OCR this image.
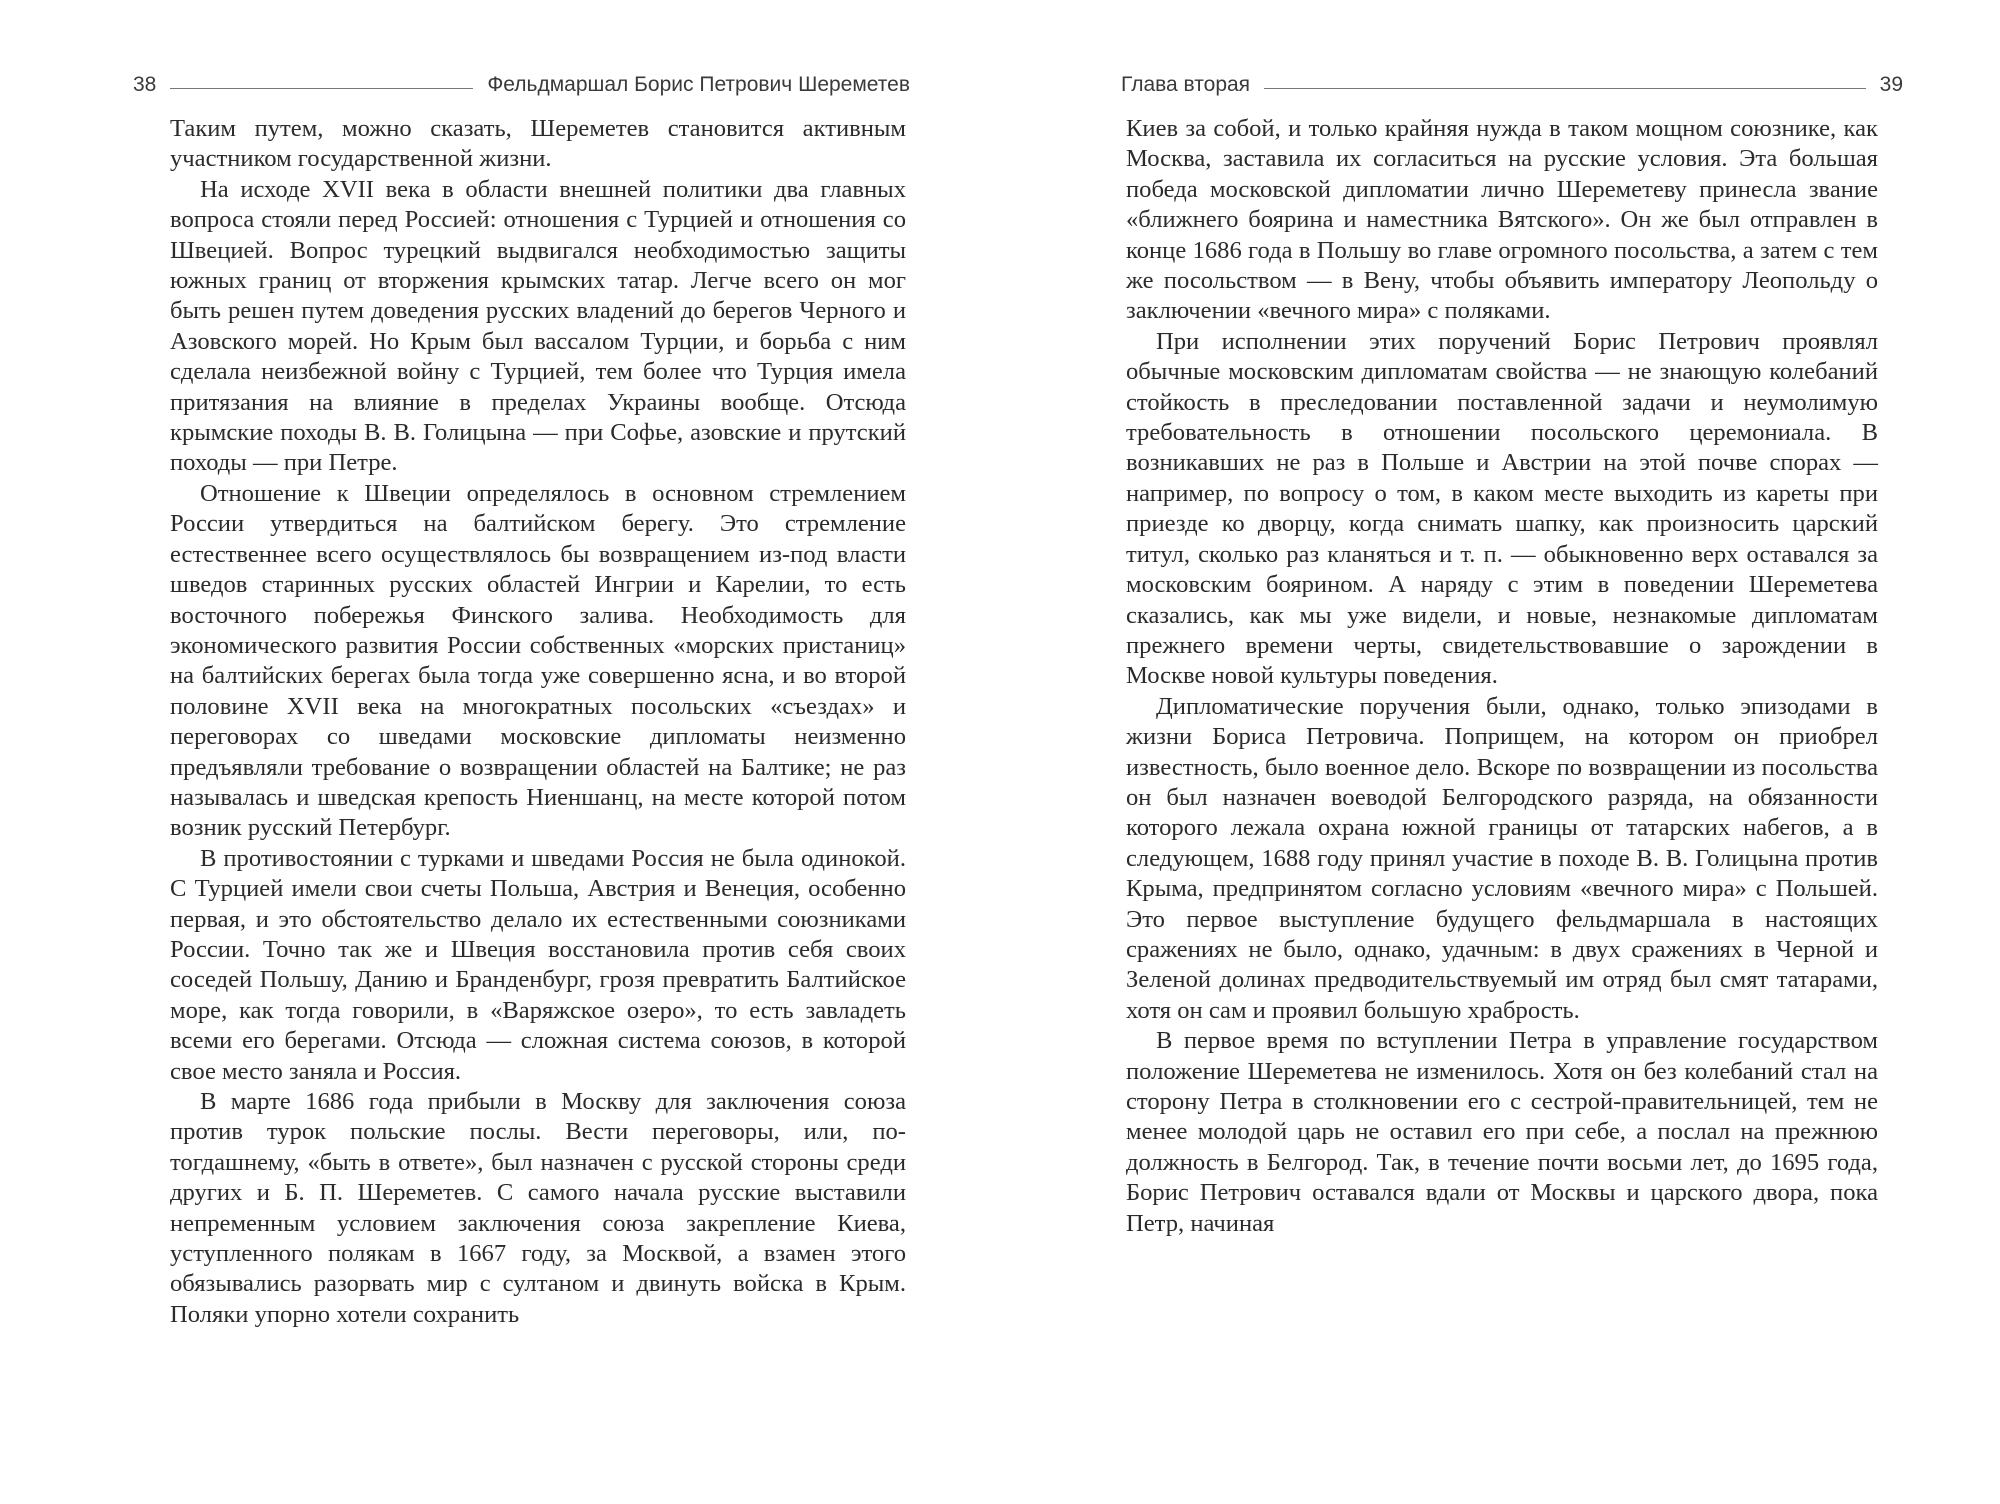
38	Фельдмаршал Борис Петрович Шереметев

Таким путем, можно сказать, Шереметев становится активным участником государственной жизни.

На исходе XVII века в области внешней политики два главных вопроса стояли перед Россией: отношения с Турцией и отношения со Швецией. Вопрос турецкий выдвигался необходимостью защиты южных границ от вторжения крымских татар. Легче всего он мог быть решен путем доведения русских владений до берегов Черного и Азовского морей. Но Крым был вассалом Турции, и борьба с ним сделала неизбежной войну с Турцией, тем более что Турция имела притязания на влияние в пределах Украины вообще. Отсюда крымские походы В. В. Голицына — при Софье, азовские и прутский походы — при Петре.

Отношение к Швеции определялось в основном стремлением России утвердиться на балтийском берегу. Это стремление естественнее всего осуществлялось бы возвращением из-под власти шведов старинных русских областей Ингрии и Карелии, то есть восточного побережья Финского залива. Необходимость для экономического развития России собственных «морских пристаниц» на балтийских берегах была тогда уже совершенно ясна, и во второй половине XVII века на многократных посольских «съездах» и переговорах со шведами московские дипломаты неизменно предъявляли требование о возвращении областей на Балтике; не раз называлась и шведская крепость Ниеншанц, на месте которой потом возник русский Петербург.

В противостоянии с турками и шведами Россия не была одинокой. С Турцией имели свои счеты Польша, Австрия и Венеция, особенно первая, и это обстоятельство делало их естественными союзниками России. Точно так же и Швеция восстановила против себя своих соседей Польшу, Данию и Бранденбург, грозя превратить Балтийское море, как тогда говорили, в «Варяжское озеро», то есть завладеть всеми его берегами. Отсюда — сложная система союзов, в которой свое место заняла и Россия.

В марте 1686 года прибыли в Москву для заключения союза против турок польские послы. Вести переговоры, или, по-тогдашнему, «быть в ответе», был назначен с русской стороны среди других и Б. П. Шереметев. С самого начала русские выставили непременным условием заключения союза закрепление Киева, уступленного полякам в 1667 году, за Москвой, а взамен этого обязывались разорвать мир с султаном и двинуть войска в Крым. Поляки упорно хотели сохранить

Глава вторая	39

Киев за собой, и только крайняя нужда в таком мощном союзнике, как Москва, заставила их согласиться на русские условия. Эта большая победа московской дипломатии лично Шереметеву принесла звание «ближнего боярина и наместника Вятского». Он же был отправлен в конце 1686 года в Польшу во главе огромного посольства, а затем с тем же посольством — в Вену, чтобы объявить императору Леопольду о заключении «вечного мира» с поляками.

При исполнении этих поручений Борис Петрович проявлял обычные московским дипломатам свойства — не знающую колебаний стойкость в преследовании поставленной задачи и неумолимую требовательность в отношении посольского церемониала. В возникавших не раз в Польше и Австрии на этой почве спорах — например, по вопросу о том, в каком месте выходить из кареты при приезде ко дворцу, когда снимать шапку, как произносить царский титул, сколько раз кланяться и т. п. — обыкновенно верх оставался за московским боярином. А наряду с этим в поведении Шереметева сказались, как мы уже видели, и новые, незнакомые дипломатам прежнего времени черты, свидетельствовавшие о зарождении в Москве новой культуры поведения.

Дипломатические поручения были, однако, только эпизодами в жизни Бориса Петровича. Поприщем, на котором он приобрел известность, было военное дело. Вскоре по возвращении из посольства он был назначен воеводой Белгородского разряда, на обязанности которого лежала охрана южной границы от татарских набегов, а в следующем, 1688 году принял участие в походе В. В. Голицына против Крыма, предпринятом согласно условиям «вечного мира» с Польшей. Это первое выступление будущего фельдмаршала в настоящих сражениях не было, однако, удачным: в двух сражениях в Черной и Зеленой долинах предводительствуемый им отряд был смят татарами, хотя он сам и проявил большую храбрость.

В первое время по вступлении Петра в управление государством положение Шереметева не изменилось. Хотя он без колебаний стал на сторону Петра в столкновении его с сестрой-правительницей, тем не менее молодой царь не оставил его при себе, а послал на прежнюю должность в Белгород. Так, в течение почти восьми лет, до 1695 года, Борис Петрович оставался вдали от Москвы и царского двора, пока Петр, начиная
